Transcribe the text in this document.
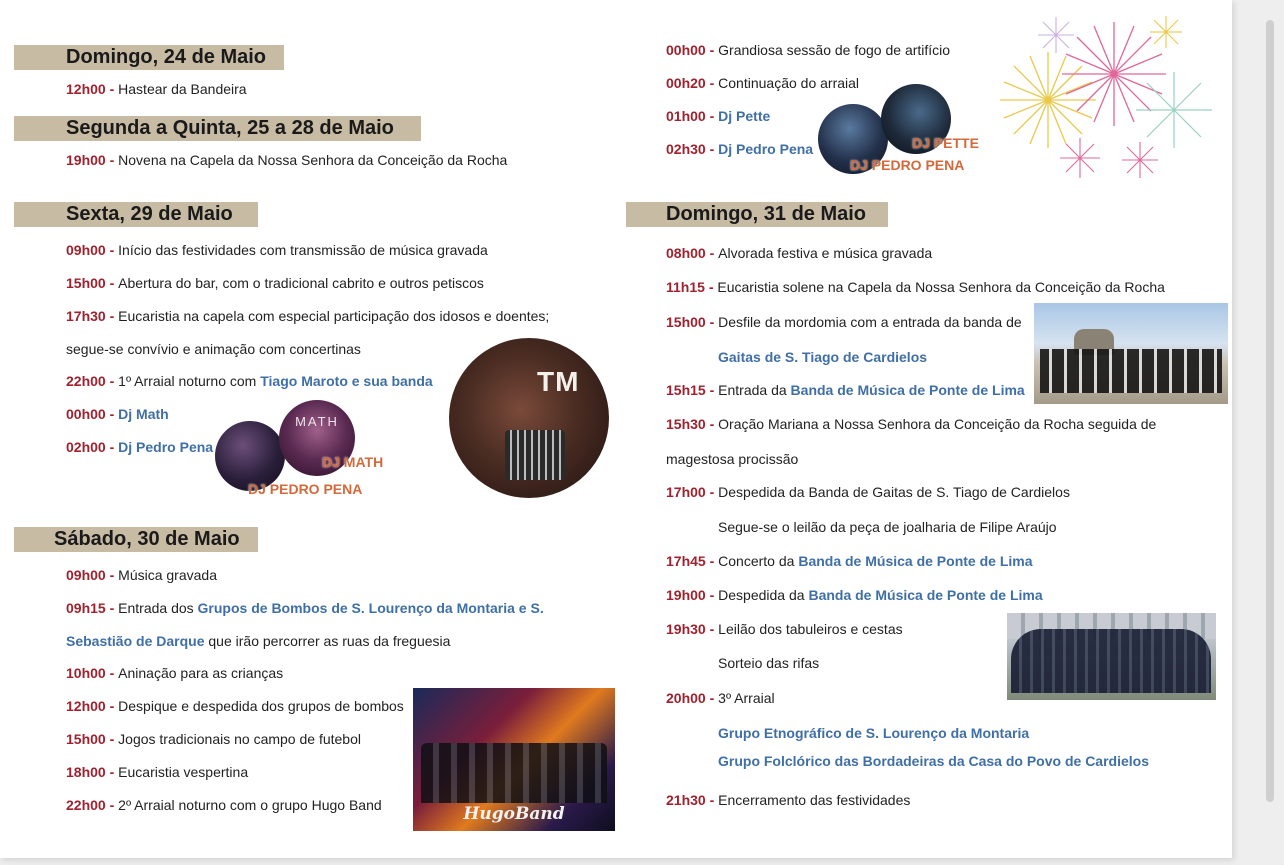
Domingo, 24 de Maio
Segunda a Quinta, 25 a 28 de Maio
Sexta, 29 de Maio
Sábado, 30 de Maio
Domingo, 31 de Maio
12h00 - Hastear da Bandeira
19h00 - Novena na Capela da Nossa Senhora da Conceição da Rocha
09h00 - Início das festividades com transmissão de música gravada
15h00 - Abertura do bar, com o tradicional cabrito e outros petiscos
17h30 - Eucaristia na capela com especial participação dos idosos e doentes;
segue-se convívio e animação com concertinas
22h00 - 1º Arraial noturno com Tiago Maroto e sua banda
00h00 - Dj Math
02h00 - Dj Pedro Pena
09h00 - Música gravada
09h15 - Entrada dos Grupos de Bombos de S. Lourenço da Montaria e S.
Sebastião de Darque que irão percorrer as ruas da freguesia
10h00 - Aninação para as crianças
12h00 - Despique e despedida dos grupos de bombos
15h00 - Jogos tradicionais no campo de futebol
18h00 - Eucaristia vespertina
22h00 - 2º Arraial noturno com o grupo Hugo Band
00h00 - Grandiosa sessão de fogo de artifício
00h20 - Continuação do arraial
01h00 - Dj Pette
02h30 - Dj Pedro Pena
08h00 - Alvorada festiva e música gravada
11h15 - Eucaristia solene na Capela da Nossa Senhora da Conceição da Rocha
15h00 - Desfile da mordomia com a entrada da banda de
Gaitas de S. Tiago de Cardielos
15h15 - Entrada da Banda de Música de Ponte de Lima
15h30 - Oração Mariana a Nossa Senhora da Conceição da Rocha seguida de
magestosa procissão
17h00 - Despedida da Banda de Gaitas de S. Tiago de Cardielos
Segue-se o leilão da peça de joalharia de Filipe Araújo
17h45 - Concerto da Banda de Música de Ponte de Lima
19h00 - Despedida da Banda de Música de Ponte de Lima
19h30 - Leilão dos tabuleiros e cestas
Sorteio das rifas
20h00 - 3º Arraial
Grupo Etnográfico de S. Lourenço da Montaria
Grupo Folclórico das Bordadeiras da Casa do Povo de Cardielos
21h30 - Encerramento das festividades
MATH
DJ MATH
DJ PEDRO PENA
TM
HugoBand
DJ PETTE
DJ PEDRO PENA
